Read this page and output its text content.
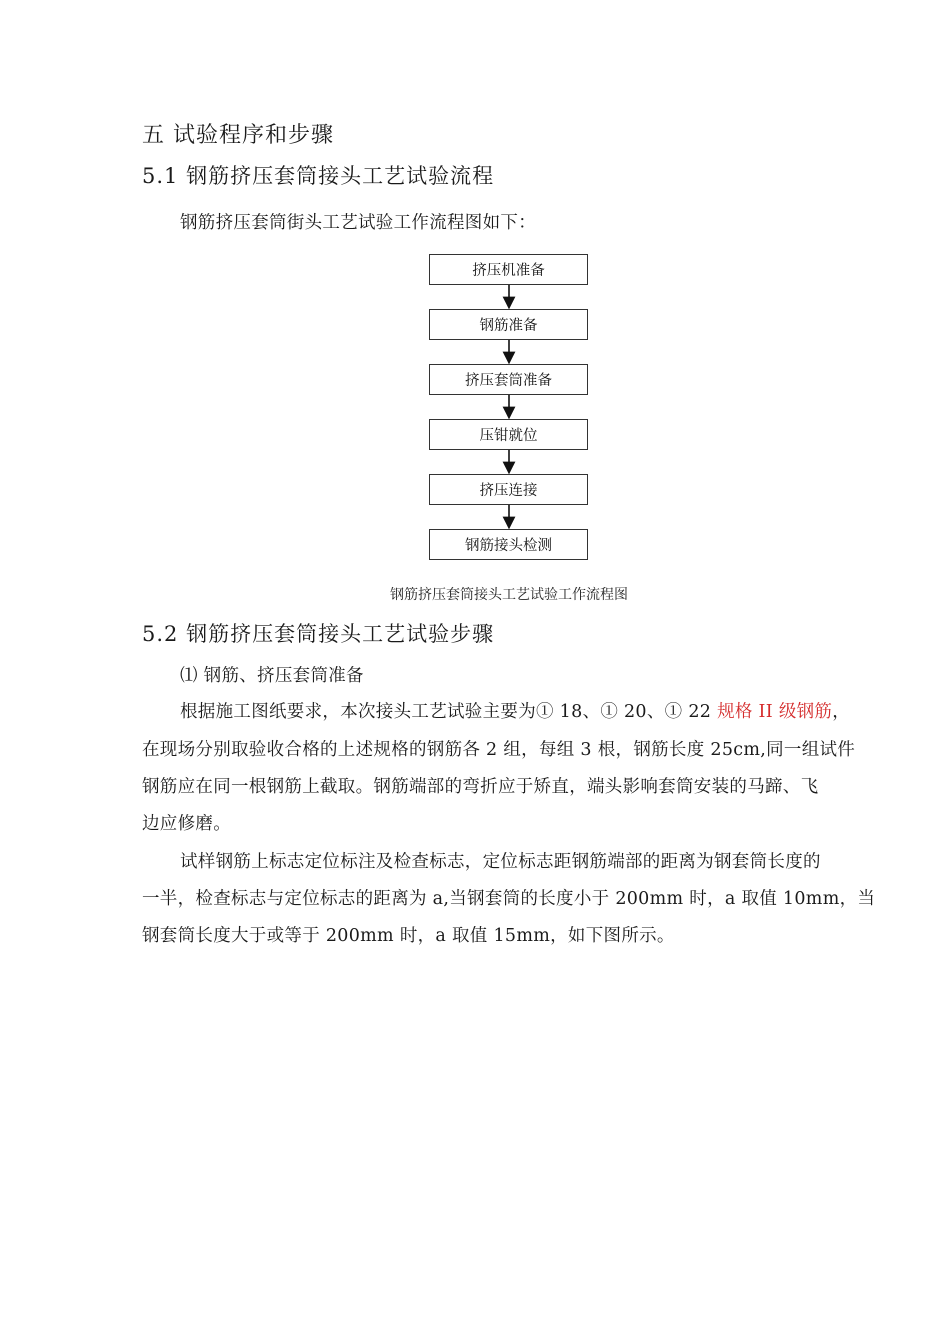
五 试验程序和步骤
5.1 钢筋挤压套筒接头工艺试验流程
钢筋挤压套筒街头工艺试验工作流程图如下：
挤压机准备
钢筋准备
挤压套筒准备
压钳就位
挤压连接
钢筋接头检测
钢筋挤压套筒接头工艺试验工作流程图
5.2 钢筋挤压套筒接头工艺试验步骤
⑴ 钢筋、挤压套筒准备
根据施工图纸要求，本次接头工艺试验主要为① 18、① 20、① 22 规格 II 级钢筋，
在现场分别取验收合格的上述规格的钢筋各 2 组，每组 3 根，钢筋长度 25cm,同一组试件
钢筋应在同一根钢筋上截取。钢筋端部的弯折应于矫直，端头影响套筒安装的马蹄、飞
边应修磨。
试样钢筋上标志定位标注及检查标志，定位标志距钢筋端部的距离为钢套筒长度的
一半，检查标志与定位标志的距离为 a,当钢套筒的长度小于 200mm 时，a 取值 10mm，当
钢套筒长度大于或等于 200mm 时，a 取值 15mm，如下图所示。
